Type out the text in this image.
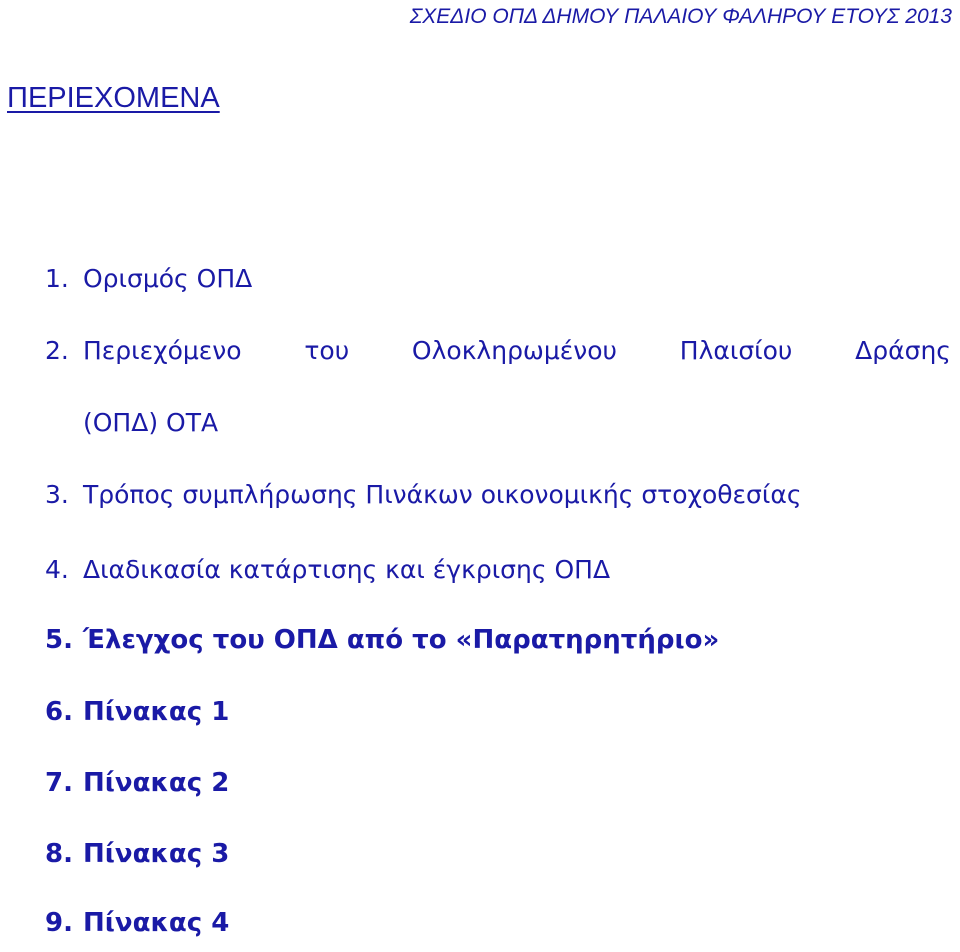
ΣΧΕΔΙΟ ΟΠΔ ΔΗΜΟΥ ΠΑΛΑΙΟΥ ΦΑΛΗΡΟΥ ΕΤΟΥΣ 2013
ΠΕΡΙΕΧΟΜΕΝΑ
1. Ορισμός ΟΠΔ
2. Περιεχόμενο	του	Ολοκληρωμένου	Πλαισίου	Δράσης
(ΟΠΔ) ΟΤΑ
3. Τρόπος συμπλήρωσης Πινάκων οικονομικής στοχοθεσίας
4. Διαδικασία κατάρτισης και έγκρισης ΟΠΔ
5. Έλεγχος του ΟΠΔ από το «Παρατηρητήριο»
6. Πίνακας 1
7. Πίνακας 2
8. Πίνακας 3
9. Πίνακας 4
